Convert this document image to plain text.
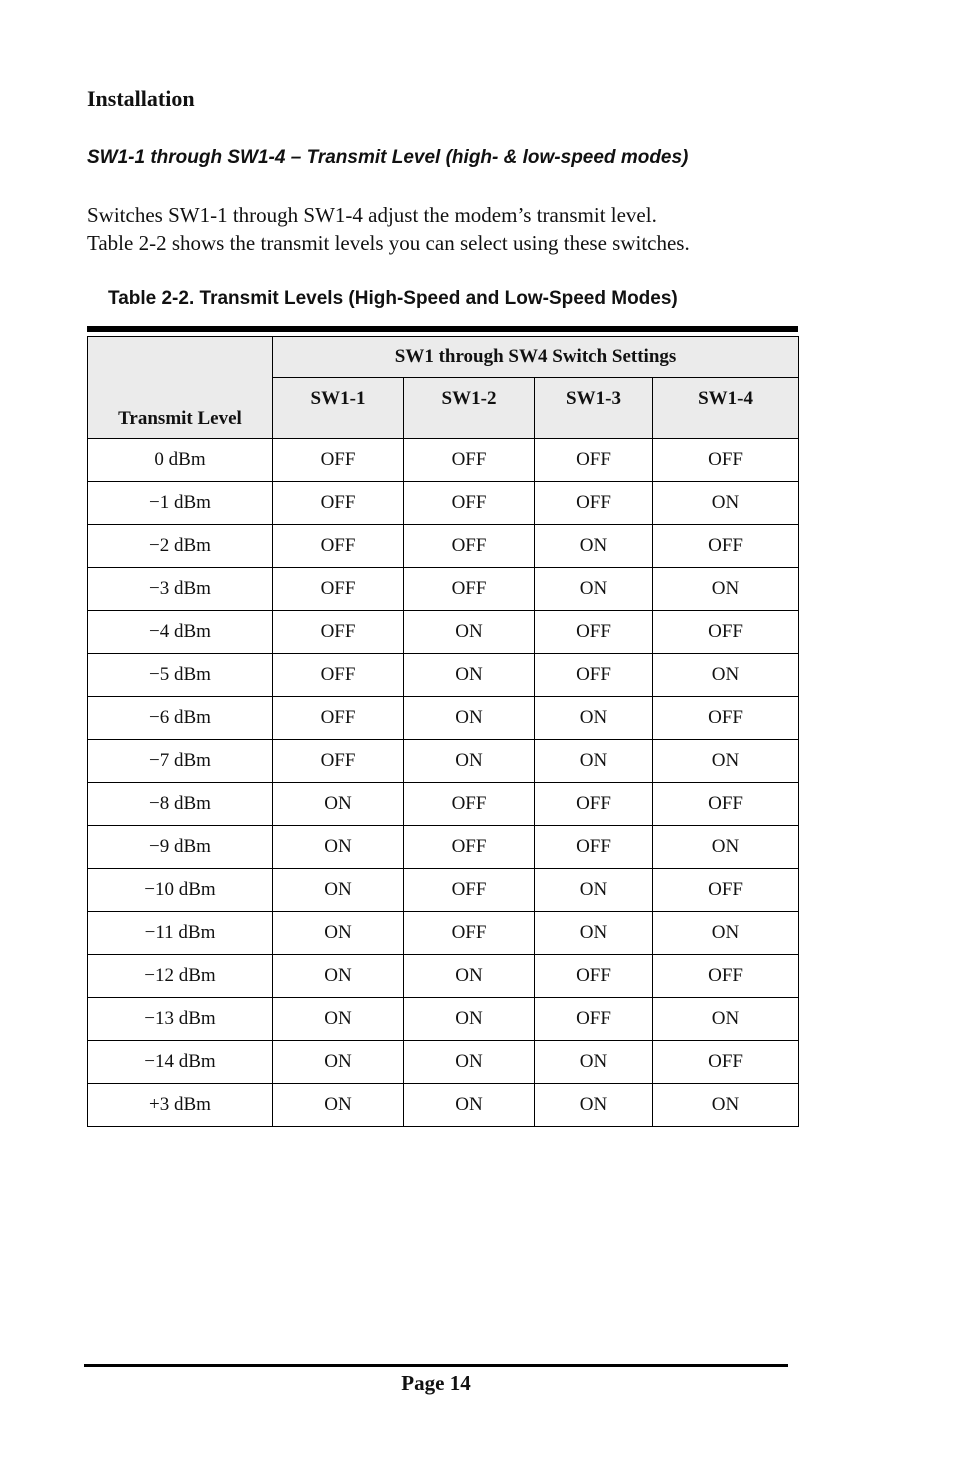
Installation
SW1-1 through SW1-4 – Transmit Level (high- & low-speed modes)

Switches SW1-1 through SW1-4 adjust the modem’s transmit level.
Table 2-2 shows the transmit levels you can select using these switches.

Table 2-2. Transmit Levels (High-Speed and Low-Speed Modes)

Transmit Level	SW1 through SW4 Switch Settings			
	SW1-1	SW1-2	SW1-3	SW1-4
0 dBm	OFF	OFF	OFF	OFF
−1 dBm	OFF	OFF	OFF	ON
−2 dBm	OFF	OFF	ON	OFF
−3 dBm	OFF	OFF	ON	ON
−4 dBm	OFF	ON	OFF	OFF
−5 dBm	OFF	ON	OFF	ON
−6 dBm	OFF	ON	ON	OFF
−7 dBm	OFF	ON	ON	ON
−8 dBm	ON	OFF	OFF	OFF
−9 dBm	ON	OFF	OFF	ON
−10 dBm	ON	OFF	ON	OFF
−11 dBm	ON	OFF	ON	ON
−12 dBm	ON	ON	OFF	OFF
−13 dBm	ON	ON	OFF	ON
−14 dBm	ON	ON	ON	OFF
+3 dBm	ON	ON	ON	ON

Page 14
